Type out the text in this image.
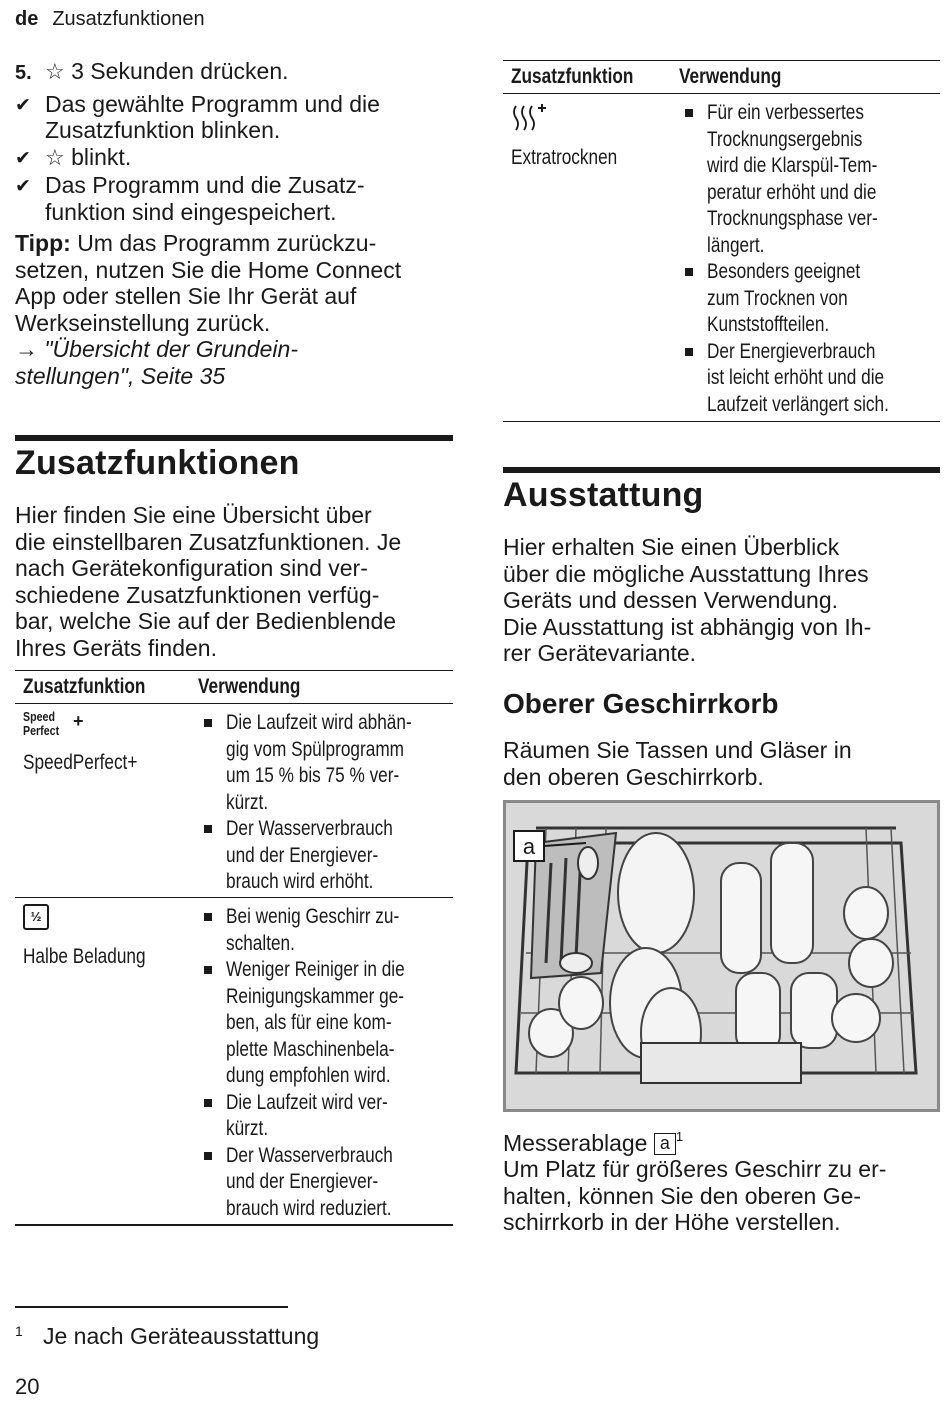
de Zusatzfunktionen
5. ☆ 3 Sekunden drücken.
✔ Das gewählte Programm und die
Zusatzfunktion blinken.
✔ ☆ blinkt.
✔ Das Programm und die Zusatz-
funktion sind eingespeichert.
Tipp: Um das Programm zurückzu-
setzen, nutzen Sie die Home Connect
App oder stellen Sie Ihr Gerät auf
Werkseinstellung zurück.
→ "Übersicht der Grundein-
stellungen", Seite 35
Zusatzfunktionen
Hier finden Sie eine Übersicht über
die einstellbaren Zusatzfunktionen. Je
nach Gerätekonfiguration sind ver-
schiedene Zusatzfunktionen verfüg-
bar, welche Sie auf der Bedienblende
Ihres Geräts finden.
Zusatzfunktion	Verwendung
Speed
Perfect +
SpeedPerfect+
Die Laufzeit wird abhän-
gig vom Spülprogramm
um 15 % bis 75 % ver-
kürzt.
Der Wasserverbrauch
und der Energiever-
brauch wird erhöht.
½
Halbe Beladung
Bei wenig Geschirr zu-
schalten.
Weniger Reiniger in die
Reinigungskammer ge-
ben, als für eine kom-
plette Maschinenbela-
dung empfohlen wird.
Die Laufzeit wird ver-
kürzt.
Der Wasserverbrauch
und der Energiever-
brauch wird reduziert.
Zusatzfunktion	Verwendung
Extratrocknen
Für ein verbessertes
Trocknungsergebnis
wird die Klarspül-Tem-
peratur erhöht und die
Trocknungsphase ver-
längert.
Besonders geeignet
zum Trocknen von
Kunststoffteilen.
Der Energieverbrauch
ist leicht erhöht und die
Laufzeit verlängert sich.
Ausstattung
Hier erhalten Sie einen Überblick
über die mögliche Ausstattung Ihres
Geräts und dessen Verwendung.
Die Ausstattung ist abhängig von Ih-
rer Gerätevariante.
Oberer Geschirrkorb
Räumen Sie Tassen und Gläser in
den oberen Geschirrkorb.
a
Messerablage a $^1$
Um Platz für größeres Geschirr zu er-
halten, können Sie den oberen Ge-
schirrkorb in der Höhe verstellen.
1 Je nach Geräteausstattung
20
